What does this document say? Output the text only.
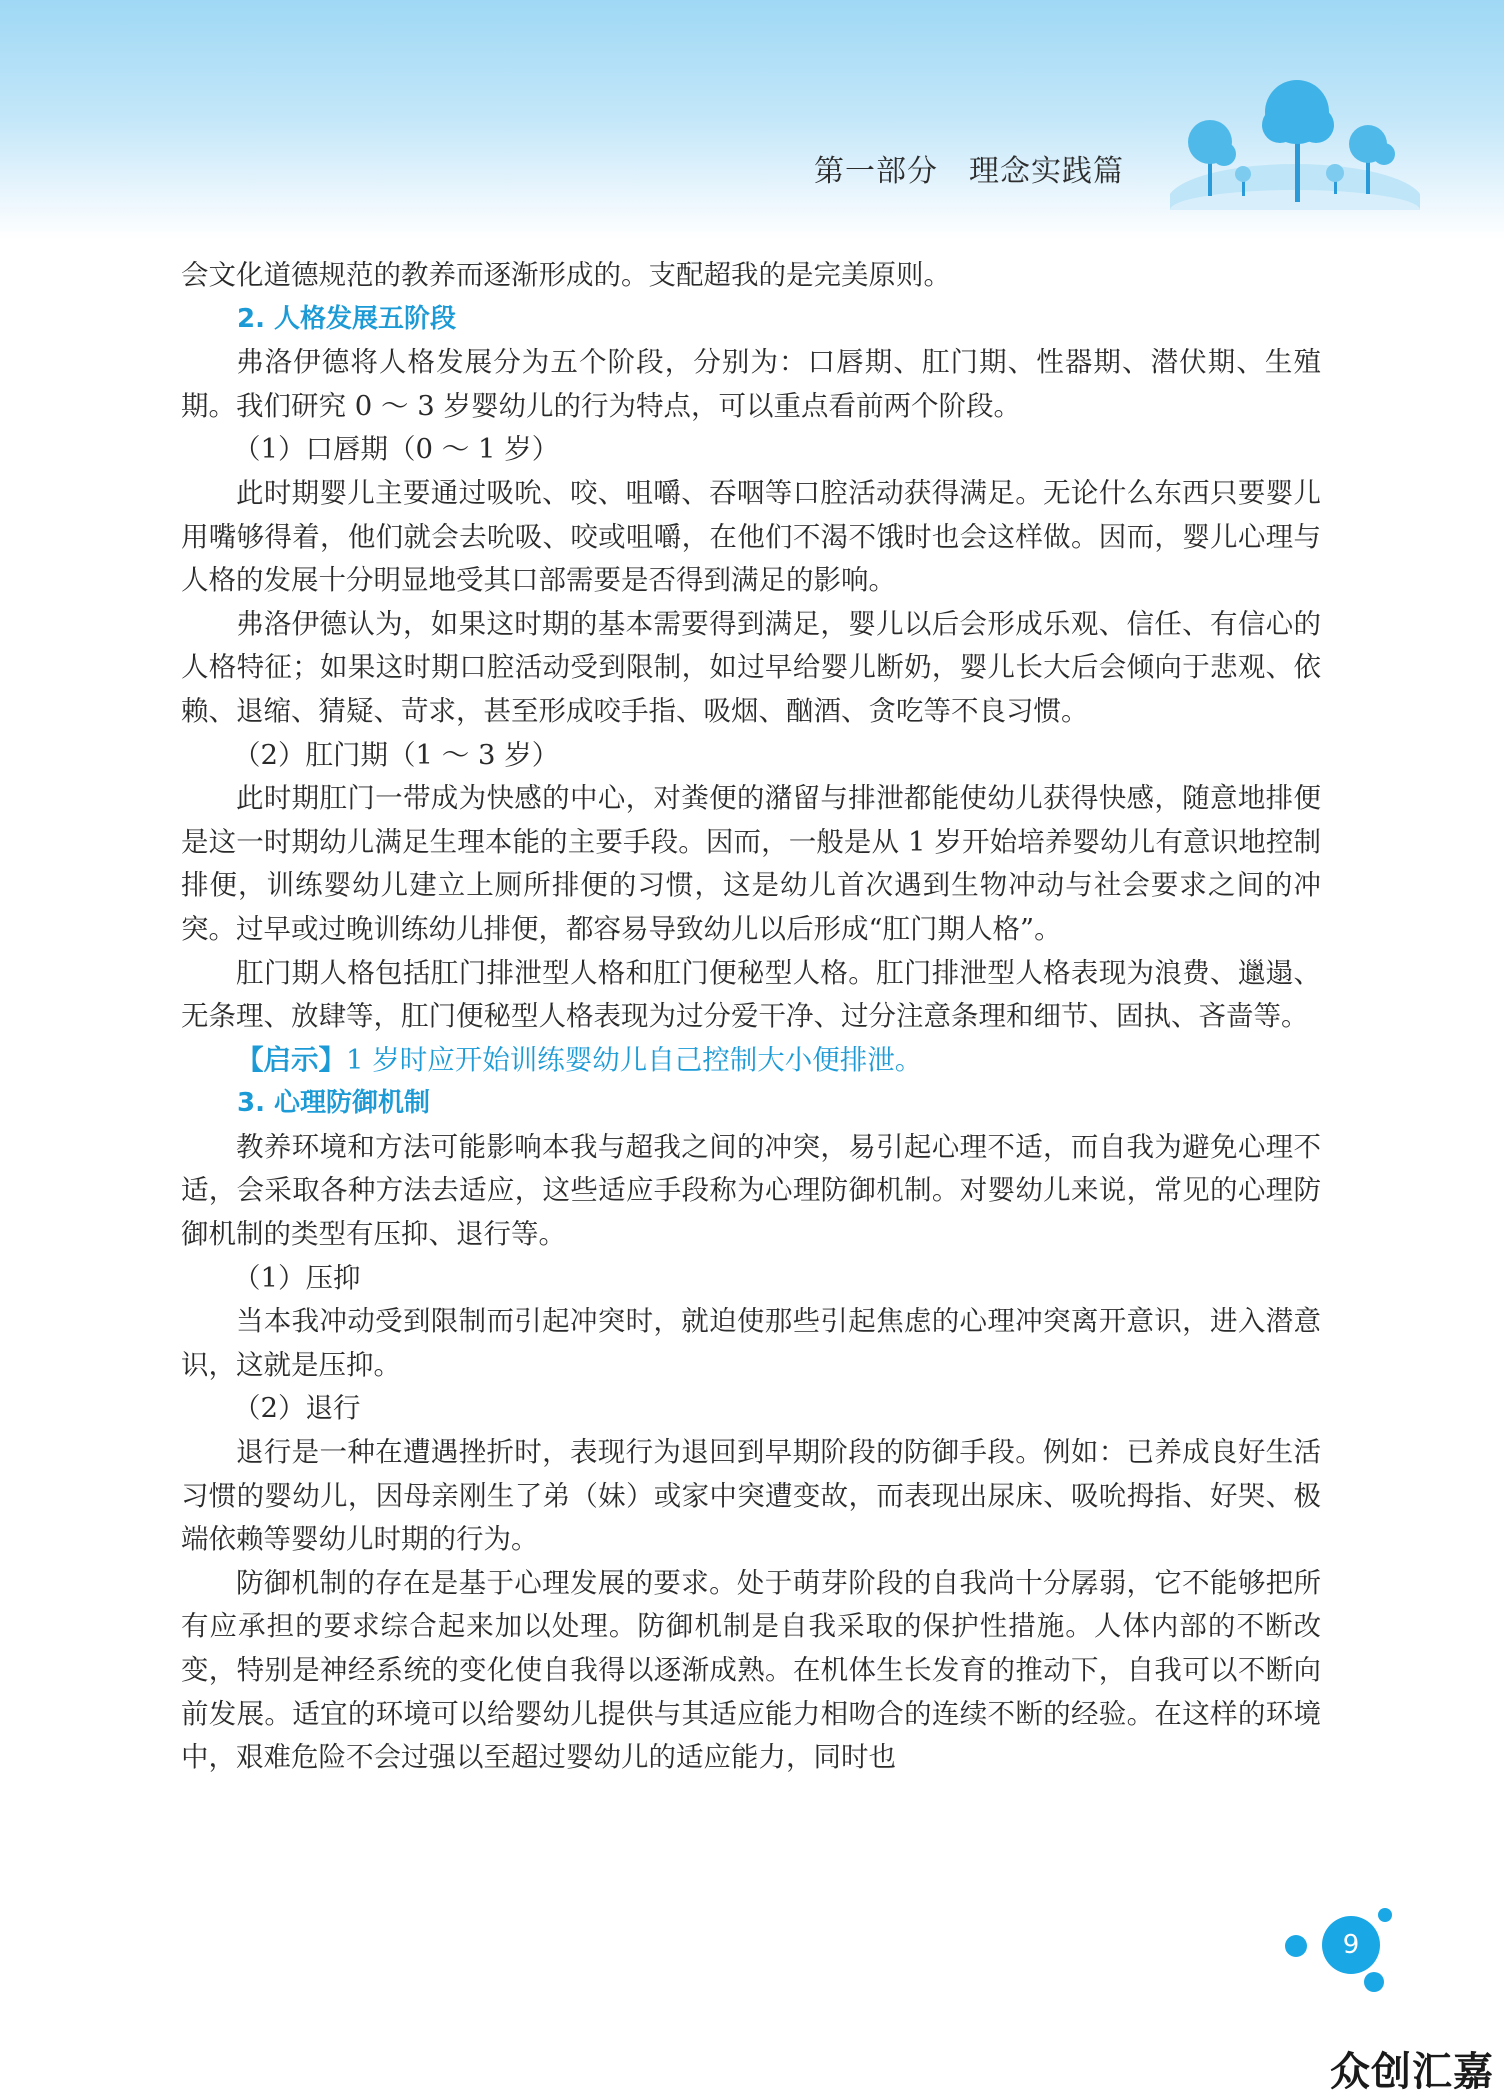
第一部分　理念实践篇

会文化道德规范的教养而逐渐形成的。支配超我的是完美原则。

2. 人格发展五阶段

弗洛伊德将人格发展分为五个阶段，分别为：口唇期、肛门期、性器期、潜伏期、生殖期。我们研究 0 ～ 3 岁婴幼儿的行为特点，可以重点看前两个阶段。

（1）口唇期（0 ～ 1 岁）

此时期婴儿主要通过吸吮、咬、咀嚼、吞咽等口腔活动获得满足。无论什么东西只要婴儿用嘴够得着，他们就会去吮吸、咬或咀嚼，在他们不渴不饿时也会这样做。因而，婴儿心理与人格的发展十分明显地受其口部需要是否得到满足的影响。

弗洛伊德认为，如果这时期的基本需要得到满足，婴儿以后会形成乐观、信任、有信心的人格特征；如果这时期口腔活动受到限制，如过早给婴儿断奶，婴儿长大后会倾向于悲观、依赖、退缩、猜疑、苛求，甚至形成咬手指、吸烟、酗酒、贪吃等不良习惯。

（2）肛门期（1 ～ 3 岁）

此时期肛门一带成为快感的中心，对粪便的潴留与排泄都能使幼儿获得快感，随意地排便是这一时期幼儿满足生理本能的主要手段。因而，一般是从 1 岁开始培养婴幼儿有意识地控制排便，训练婴幼儿建立上厕所排便的习惯，这是幼儿首次遇到生物冲动与社会要求之间的冲突。过早或过晚训练幼儿排便，都容易导致幼儿以后形成“肛门期人格”。

肛门期人格包括肛门排泄型人格和肛门便秘型人格。肛门排泄型人格表现为浪费、邋遢、无条理、放肆等，肛门便秘型人格表现为过分爱干净、过分注意条理和细节、固执、吝啬等。

【启示】1 岁时应开始训练婴幼儿自己控制大小便排泄。

3. 心理防御机制

教养环境和方法可能影响本我与超我之间的冲突，易引起心理不适，而自我为避免心理不适，会采取各种方法去适应，这些适应手段称为心理防御机制。对婴幼儿来说，常见的心理防御机制的类型有压抑、退行等。

（1）压抑

当本我冲动受到限制而引起冲突时，就迫使那些引起焦虑的心理冲突离开意识，进入潜意识，这就是压抑。

（2）退行

退行是一种在遭遇挫折时，表现行为退回到早期阶段的防御手段。例如：已养成良好生活习惯的婴幼儿，因母亲刚生了弟（妹）或家中突遭变故，而表现出尿床、吸吮拇指、好哭、极端依赖等婴幼儿时期的行为。

防御机制的存在是基于心理发展的要求。处于萌芽阶段的自我尚十分孱弱，它不能够把所有应承担的要求综合起来加以处理。防御机制是自我采取的保护性措施。人体内部的不断改变，特别是神经系统的变化使自我得以逐渐成熟。在机体生长发育的推动下，自我可以不断向前发展。适宜的环境可以给婴幼儿提供与其适应能力相吻合的连续不断的经验。在这样的环境中，艰难危险不会过强以至超过婴幼儿的适应能力，同时也

9
众创汇嘉
